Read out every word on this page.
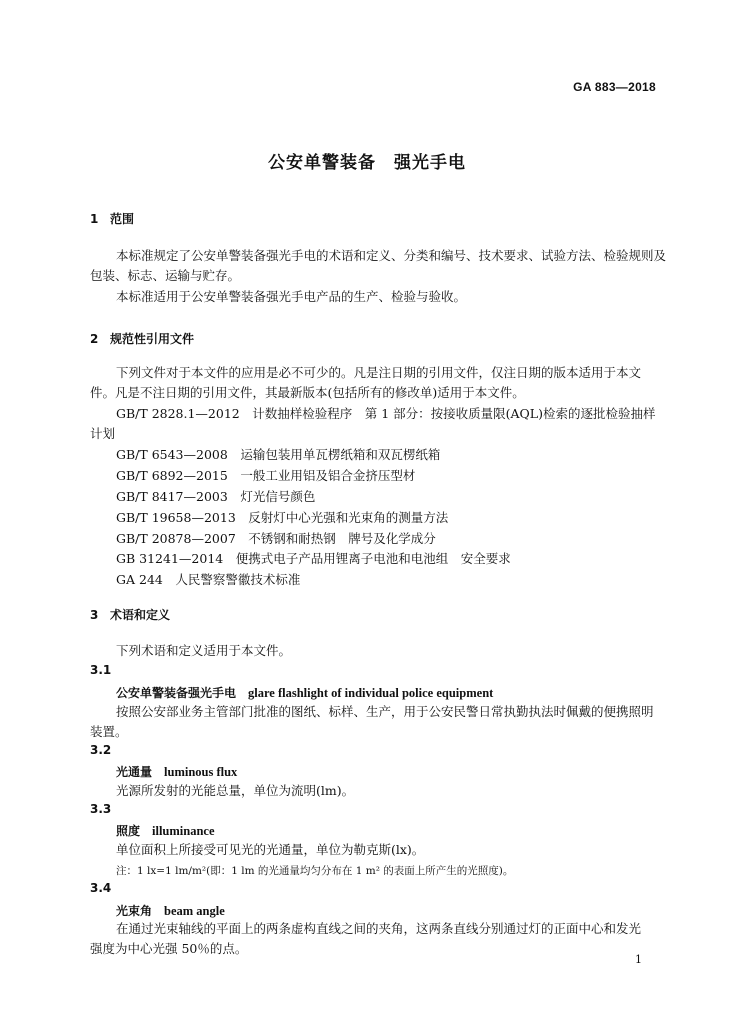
GA 883—2018
公安单警装备　强光手电
1 范围
本标准规定了公安单警装备强光手电的术语和定义、分类和编号、技术要求、试验方法、检验规则及
包装、标志、运输与贮存。
本标准适用于公安单警装备强光手电产品的生产、检验与验收。
2 规范性引用文件
下列文件对于本文件的应用是必不可少的。凡是注日期的引用文件，仅注日期的版本适用于本文
件。凡是不注日期的引用文件，其最新版本(包括所有的修改单)适用于本文件。
GB/T 2828.1—2012　计数抽样检验程序　第 1 部分：按接收质量限(AQL)检索的逐批检验抽样
计划
GB/T 6543—2008　运输包装用单瓦楞纸箱和双瓦楞纸箱
GB/T 6892—2015　一般工业用铝及铝合金挤压型材
GB/T 8417—2003　灯光信号颜色
GB/T 19658—2013　反射灯中心光强和光束角的测量方法
GB/T 20878—2007　不锈钢和耐热钢　牌号及化学成分
GB 31241—2014　便携式电子产品用锂离子电池和电池组　安全要求
GA 244　人民警察警徽技术标准
3 术语和定义
下列术语和定义适用于本文件。
3.1
公安单警装备强光手电 glare flashlight of individual police equipment
按照公安部业务主管部门批准的图纸、标样、生产，用于公安民警日常执勤执法时佩戴的便携照明
装置。
3.2
光通量 luminous flux
光源所发射的光能总量，单位为流明(lm)。
3.3
照度 illuminance
单位面积上所接受可见光的光通量，单位为勒克斯(lx)。
注：1 lx=1 lm/m²(即：1 lm 的光通量均匀分布在 1 m² 的表面上所产生的光照度)。
3.4
光束角 beam angle
在通过光束轴线的平面上的两条虚构直线之间的夹角，这两条直线分别通过灯的正面中心和发光
强度为中心光强 50％的点。
1
